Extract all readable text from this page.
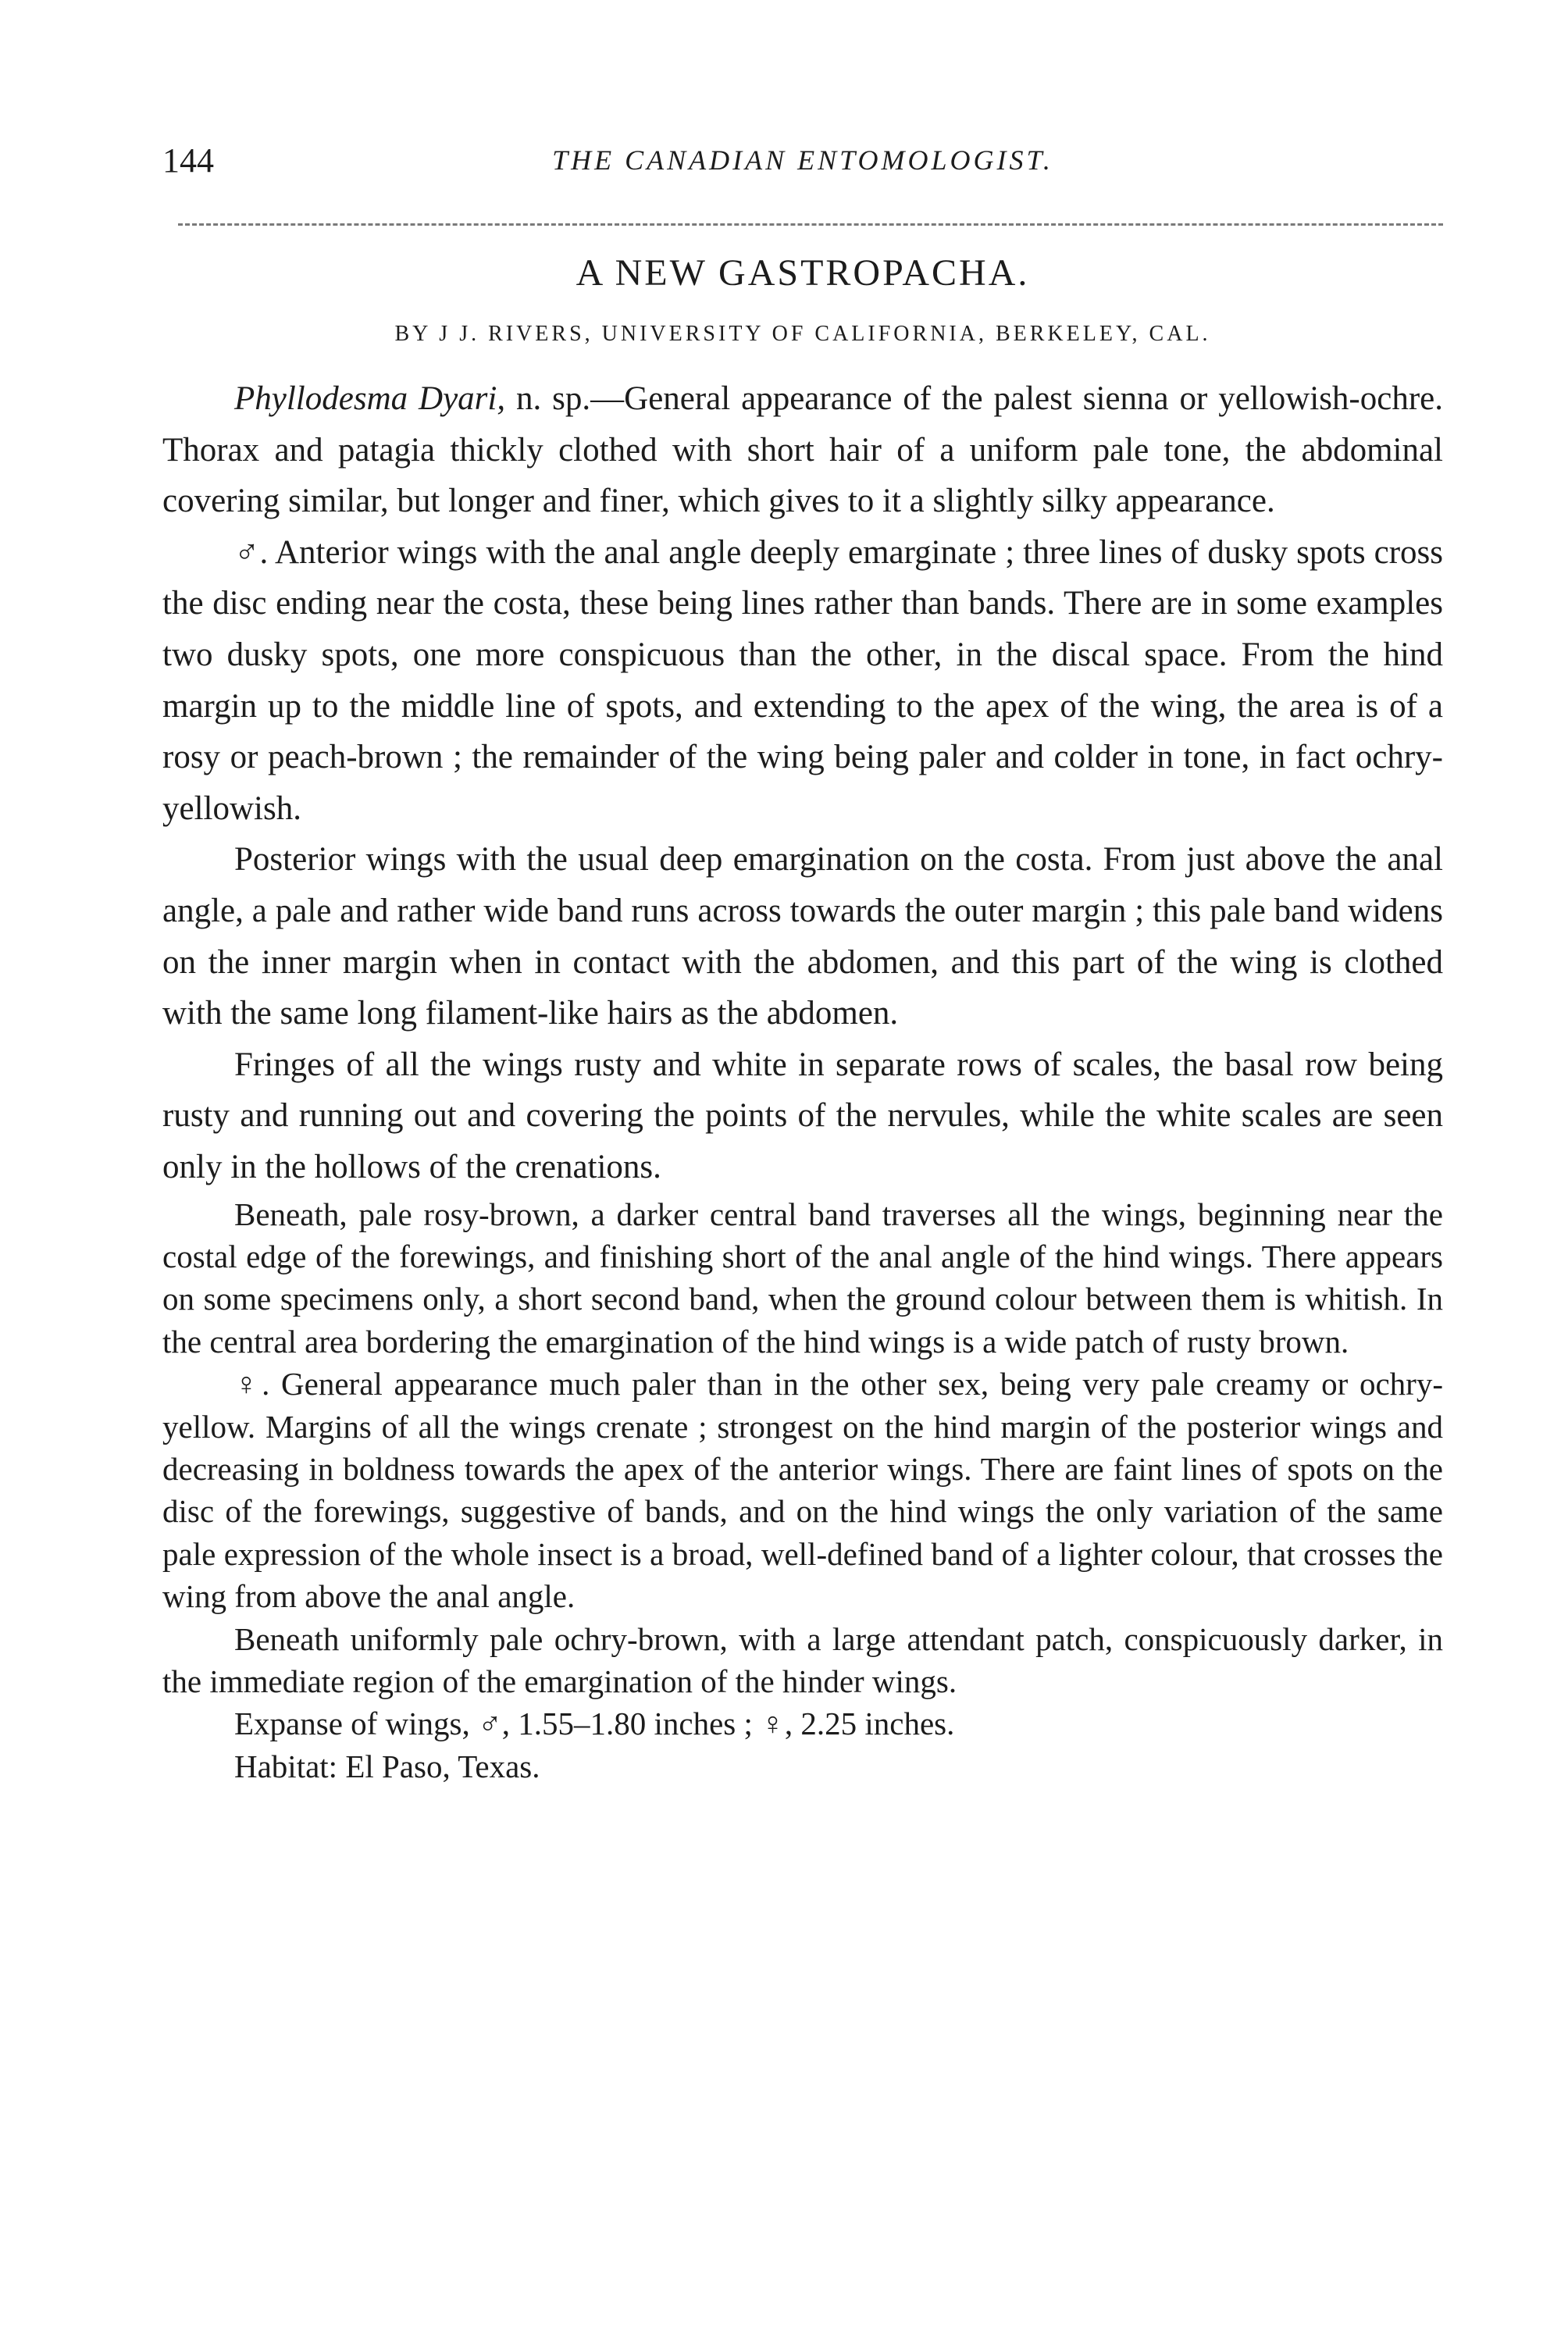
144	THE CANADIAN ENTOMOLOGIST.
A NEW GASTROPACHA.
BY J J. RIVERS, UNIVERSITY OF CALIFORNIA, BERKELEY, CAL.

Phyllodesma Dyari, n. sp.—General appearance of the palest sienna or yellowish-ochre. Thorax and patagia thickly clothed with short hair of a uniform pale tone, the abdominal covering similar, but longer and finer, which gives to it a slightly silky appearance.

♂. Anterior wings with the anal angle deeply emarginate ; three lines of dusky spots cross the disc ending near the costa, these being lines rather than bands. There are in some examples two dusky spots, one more conspicuous than the other, in the discal space. From the hind margin up to the middle line of spots, and extending to the apex of the wing, the area is of a rosy or peach-brown ; the remainder of the wing being paler and colder in tone, in fact ochry-yellowish.

Posterior wings with the usual deep emargination on the costa. From just above the anal angle, a pale and rather wide band runs across towards the outer margin ; this pale band widens on the inner margin when in contact with the abdomen, and this part of the wing is clothed with the same long filament-like hairs as the abdomen.

Fringes of all the wings rusty and white in separate rows of scales, the basal row being rusty and running out and covering the points of the nervules, while the white scales are seen only in the hollows of the crenations.

Beneath, pale rosy-brown, a darker central band traverses all the wings, beginning near the costal edge of the forewings, and finishing short of the anal angle of the hind wings. There appears on some specimens only, a short second band, when the ground colour between them is whitish. In the central area bordering the emargination of the hind wings is a wide patch of rusty brown.

♀. General appearance much paler than in the other sex, being very pale creamy or ochry-yellow. Margins of all the wings crenate ; strongest on the hind margin of the posterior wings and decreasing in boldness towards the apex of the anterior wings. There are faint lines of spots on the disc of the forewings, suggestive of bands, and on the hind wings the only variation of the same pale expression of the whole insect is a broad, well-defined band of a lighter colour, that crosses the wing from above the anal angle.

Beneath uniformly pale ochry-brown, with a large attendant patch, conspicuously darker, in the immediate region of the emargination of the hinder wings.

Expanse of wings, ♂, 1.55–1.80 inches ; ♀, 2.25 inches.

Habitat: El Paso, Texas.
